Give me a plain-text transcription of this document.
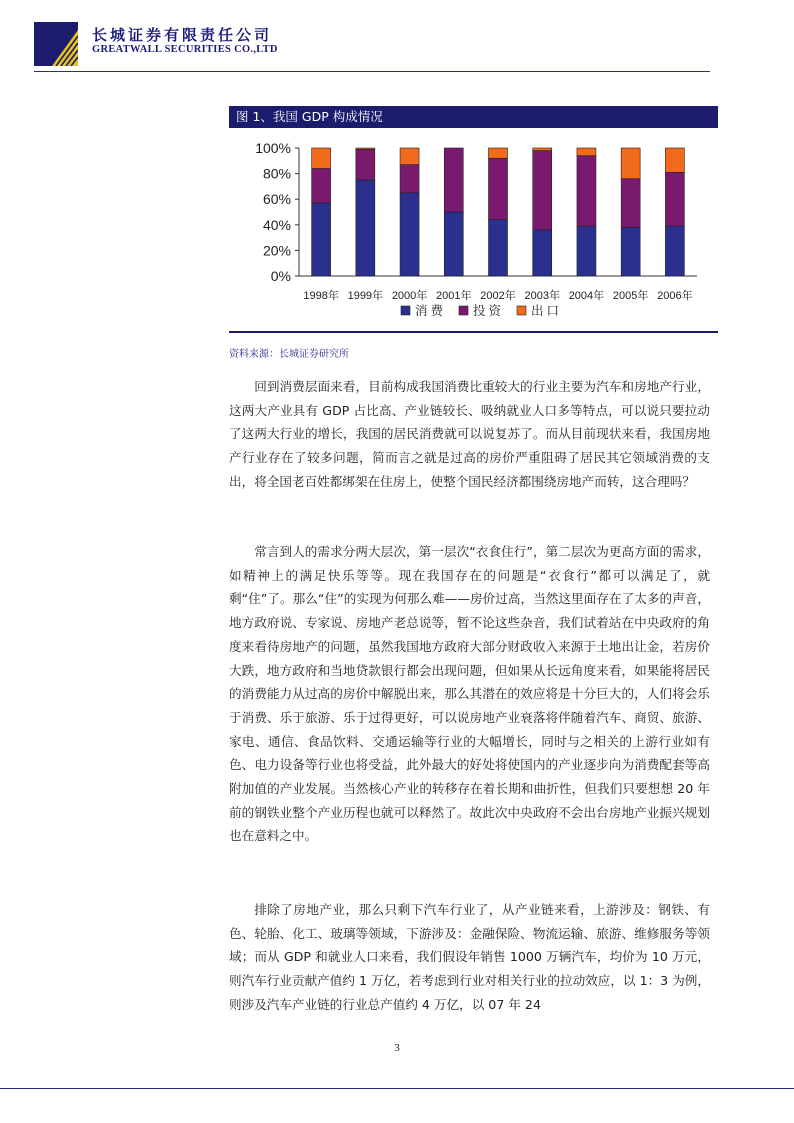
长城证券有限责任公司
GREATWALL SECURITIES CO.,LTD
图 1、我国 GDP 构成情况
0%
20%
40%
60%
80%
100%
1998年 1999年 2000年 2001年 2002年 2003年 2004年 2005年 2006年
消费 投资 出口
资料来源：长城证券研究所

回到消费层面来看，目前构成我国消费比重较大的行业主要为汽车和房地产行业，这两大产业具有 GDP 占比高、产业链较长、吸纳就业人口多等特点，可以说只要拉动了这两大行业的增长，我国的居民消费就可以说复苏了。而从目前现状来看，我国房地产行业存在了较多问题，简而言之就是过高的房价严重阻碍了居民其它领域消费的支出，将全国老百姓都绑架在住房上，使整个国民经济都围绕房地产而转，这合理吗？

常言到人的需求分两大层次，第一层次“衣食住行”，第二层次为更高方面的需求，如精神上的满足快乐等等。现在我国存在的问题是“衣食行”都可以满足了，就剩“住”了。那么“住”的实现为何那么难——房价过高，当然这里面存在了太多的声音，地方政府说、专家说、房地产老总说等，暂不论这些杂音，我们试着站在中央政府的角度来看待房地产的问题，虽然我国地方政府大部分财政收入来源于土地出让金，若房价大跌，地方政府和当地贷款银行都会出现问题，但如果从长远角度来看，如果能将居民的消费能力从过高的房价中解脱出来，那么其潜在的效应将是十分巨大的，人们将会乐于消费、乐于旅游、乐于过得更好，可以说房地产业衰落将伴随着汽车、商贸、旅游、家电、通信、食品饮料、交通运输等行业的大幅增长，同时与之相关的上游行业如有色、电力设备等行业也将受益，此外最大的好处将使国内的产业逐步向为消费配套等高附加值的产业发展。当然核心产业的转移存在着长期和曲折性，但我们只要想想 20 年前的钢铁业整个产业历程也就可以释然了。故此次中央政府不会出台房地产业振兴规划也在意料之中。

排除了房地产业，那么只剩下汽车行业了，从产业链来看，上游涉及：钢铁、有色、轮胎、化工、玻璃等领域，下游涉及：金融保险、物流运输、旅游、维修服务等领域；而从 GDP 和就业人口来看，我们假设年销售 1000 万辆汽车，均价为 10 万元，则汽车行业贡献产值约 1 万亿，若考虑到行业对相关行业的拉动效应，以 1：3 为例，则涉及汽车产业链的行业总产值约 4 万亿，以 07 年 24

3
